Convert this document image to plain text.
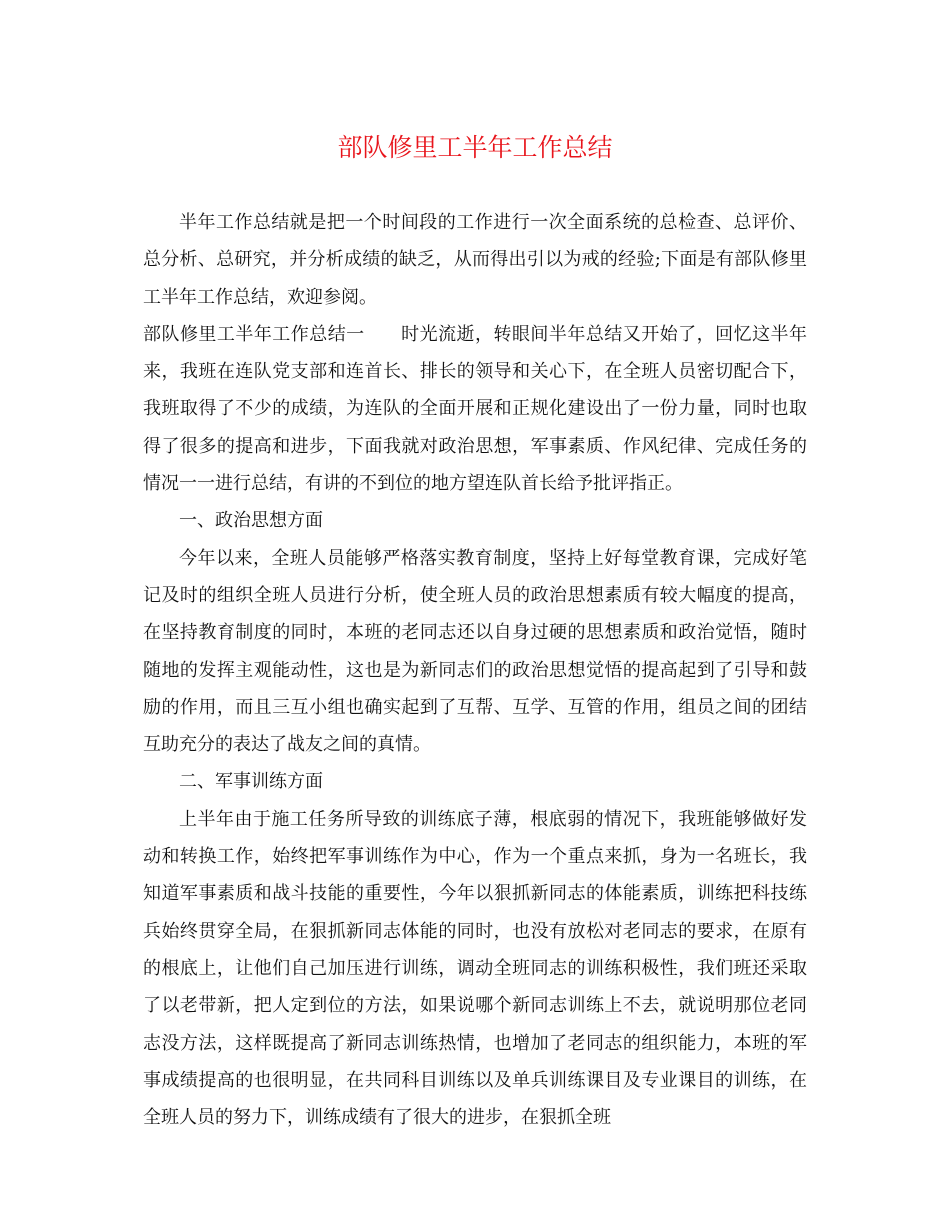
部队修里工半年工作总结

半年工作总结就是把一个时间段的工作进行一次全面系统的总检查、总评价、总分析、总研究，并分析成绩的缺乏，从而得出引以为戒的经验;下面是有部队修里工半年工作总结，欢迎参阅。

部队修里工半年工作总结一 时光流逝，转眼间半年总结又开始了，回忆这半年来，我班在连队党支部和连首长、排长的领导和关心下，在全班人员密切配合下，我班取得了不少的成绩，为连队的全面开展和正规化建设出了一份力量，同时也取得了很多的提高和进步，下面我就对政治思想，军事素质、作风纪律、完成任务的情况一一进行总结，有讲的不到位的地方望连队首长给予批评指正。

一、政治思想方面

今年以来，全班人员能够严格落实教育制度，坚持上好每堂教育课，完成好笔记及时的组织全班人员进行分析，使全班人员的政治思想素质有较大幅度的提高，在坚持教育制度的同时，本班的老同志还以自身过硬的思想素质和政治觉悟，随时随地的发挥主观能动性，这也是为新同志们的政治思想觉悟的提高起到了引导和鼓励的作用，而且三互小组也确实起到了互帮、互学、互管的作用，组员之间的团结互助充分的表达了战友之间的真情。

二、军事训练方面

上半年由于施工任务所导致的训练底子薄，根底弱的情况下，我班能够做好发动和转换工作，始终把军事训练作为中心，作为一个重点来抓，身为一名班长，我知道军事素质和战斗技能的重要性，今年以狠抓新同志的体能素质，训练把科技练兵始终贯穿全局，在狠抓新同志体能的同时，也没有放松对老同志的要求，在原有的根底上，让他们自己加压进行训练，调动全班同志的训练积极性，我们班还采取了以老带新，把人定到位的方法，如果说哪个新同志训练上不去，就说明那位老同志没方法，这样既提高了新同志训练热情，也增加了老同志的组织能力，本班的军事成绩提高的也很明显，在共同科目训练以及单兵训练课目及专业课目的训练，在全班人员的努力下，训练成绩有了很大的进步，在狠抓全班
